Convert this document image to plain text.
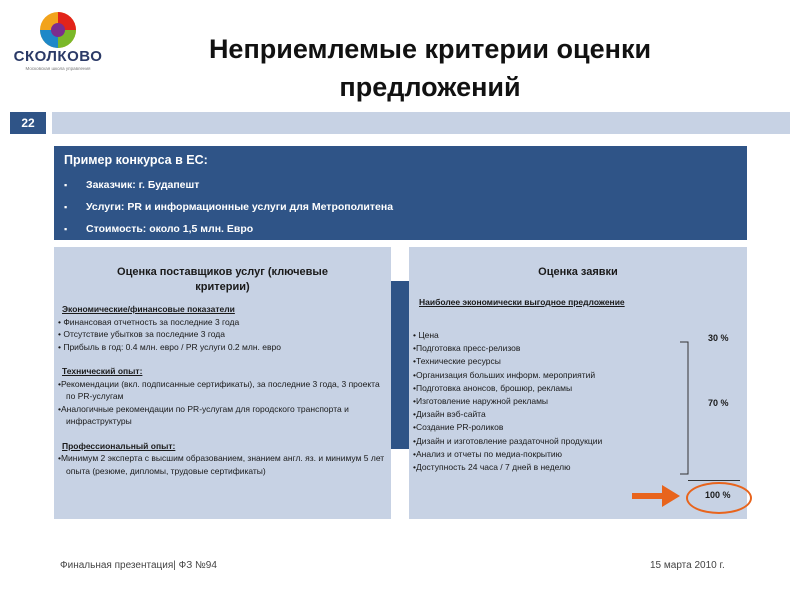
СКОЛКОВО
Московская школа управления
Неприемлемые критерии оценки
предложений
22
Пример конкурса в ЕС:
▪ Заказчик: г. Будапешт
▪ Услуги: PR и информационные услуги для Метрополитена
▪ Стоимость: около 1,5 млн. Евро
Оценка поставщиков услуг (ключевые
критерии)
Экономические/финансовые показатели
• Финансовая отчетность за последние 3 года
• Отсутствие убытков за последние 3 года
• Прибыль в год: 0.4 млн. евро / PR услуги 0.2 млн. евро
Технический опыт:
•Рекомендации (вкл. подписанные сертификаты), за последние 3 года, 3 проекта по PR-услугам
•Аналогичные рекомендации по PR-услугам для городского транспорта и инфраструктуры
Профессиональный опыт:
•Минимум 2 эксперта с высшим образованием, знанием англ. яз. и минимум 5 лет опыта (резюме, дипломы, трудовые сертификаты)
Оценка заявки
Наиболее экономически выгодное предложение
• Цена
•Подготовка пресс-релизов
•Технические ресурсы
•Организация больших информ. мероприятий
•Подготовка анонсов, брошюр, рекламы
•Изготовление наружной рекламы
•Дизайн вэб-сайта
•Создание PR-роликов
•Дизайн и изготовление раздаточной продукции
•Анализ и отчеты по медиа-покрытию
•Доступность 24 часа / 7 дней в неделю
30 %
70 %
100 %
Финальная презентация| ФЗ №94	15 марта 2010 г.
